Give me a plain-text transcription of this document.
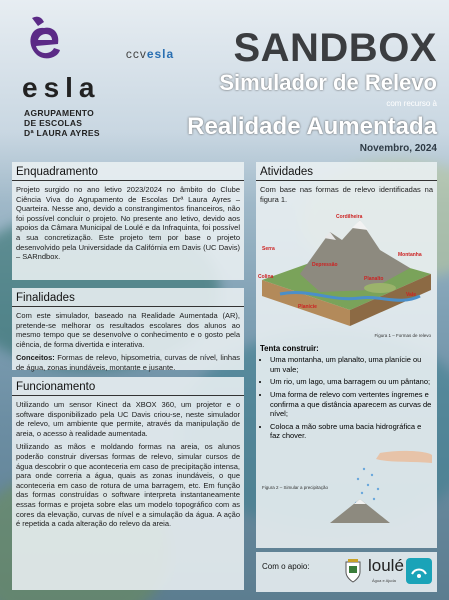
esla
AGRUPAMENTO
DE ESCOLAS
Dª LAURA AYRES
ccvesla	SANDBOX
Simulador de Relevo
com recurso à
Realidade Aumentada
Novembro, 2024
Enquadramento

Projeto surgido no ano letivo 2023/2024 no âmbito do Clube Ciência Viva do Agrupamento de Escolas Drª Laura Ayres – Quarteira. Nesse ano, devido a constrangimentos financeiros, não foi possível concluir o projeto. No presente ano letivo, devido aos apoios da Câmara Municipal de Loulé e da Infraquinta, foi possível a sua concretização. Este projeto tem por base o projeto desenvolvido pela Universidade da Califórnia em Davis (UC Davis) – SARndbox.

Finalidades

Com este simulador, baseado na Realidade Aumentada (AR), pretende-se melhorar os resultados escolares dos alunos ao mesmo tempo que se desenvolve o conhecimento e o gosto pela ciência, de forma divertida e interativa.

Conceitos: Formas de relevo, hipsometria, curvas de nível, linhas de água, zonas inundáveis, montante e jusante.

Funcionamento

Utilizando um sensor Kinect da XBOX 360, um projetor e o software disponibilizado pela UC Davis criou-se, neste simulador de relevo, um ambiente que permite, através da manipulação de areia, o acesso à realidade aumentada.

Utilizando as mãos e moldando formas na areia, os alunos poderão construir diversas formas de relevo, simular cursos de água descobrir o que aconteceria em caso de precipitação intensa, para onde correria a água, quais as zonas inundáveis, o que aconteceria em caso de rotura de uma barragem, etc. Em função das formas construídas o software interpreta instantaneamente essas formas e projeta sobre elas um modelo topográfico com as cores da elevação, curvas de nível e a simulação da água. A ação é repetida a cada alteração do relevo da areia.

Atividades

Com base nas formas de relevo identificadas na figura 1.

Cordilheira
Serra
Depressão
Colina
Montanha
Planalto
Vale
Planície
Figura 1 – Formas de relevo
Tenta construir:
• Uma montanha, um planalto, uma planície ou um vale;
• Um rio, um lago, uma barragem ou um pântano;
• Uma forma de relevo com vertentes íngremes e confirma a que distância aparecem as curvas de nível;
• Coloca a mão sobre uma bacia hidrográfica e faz chover.
Figura 2 – Simular a precipitação
Com o apoio:	loulé
Água e Ajuda
